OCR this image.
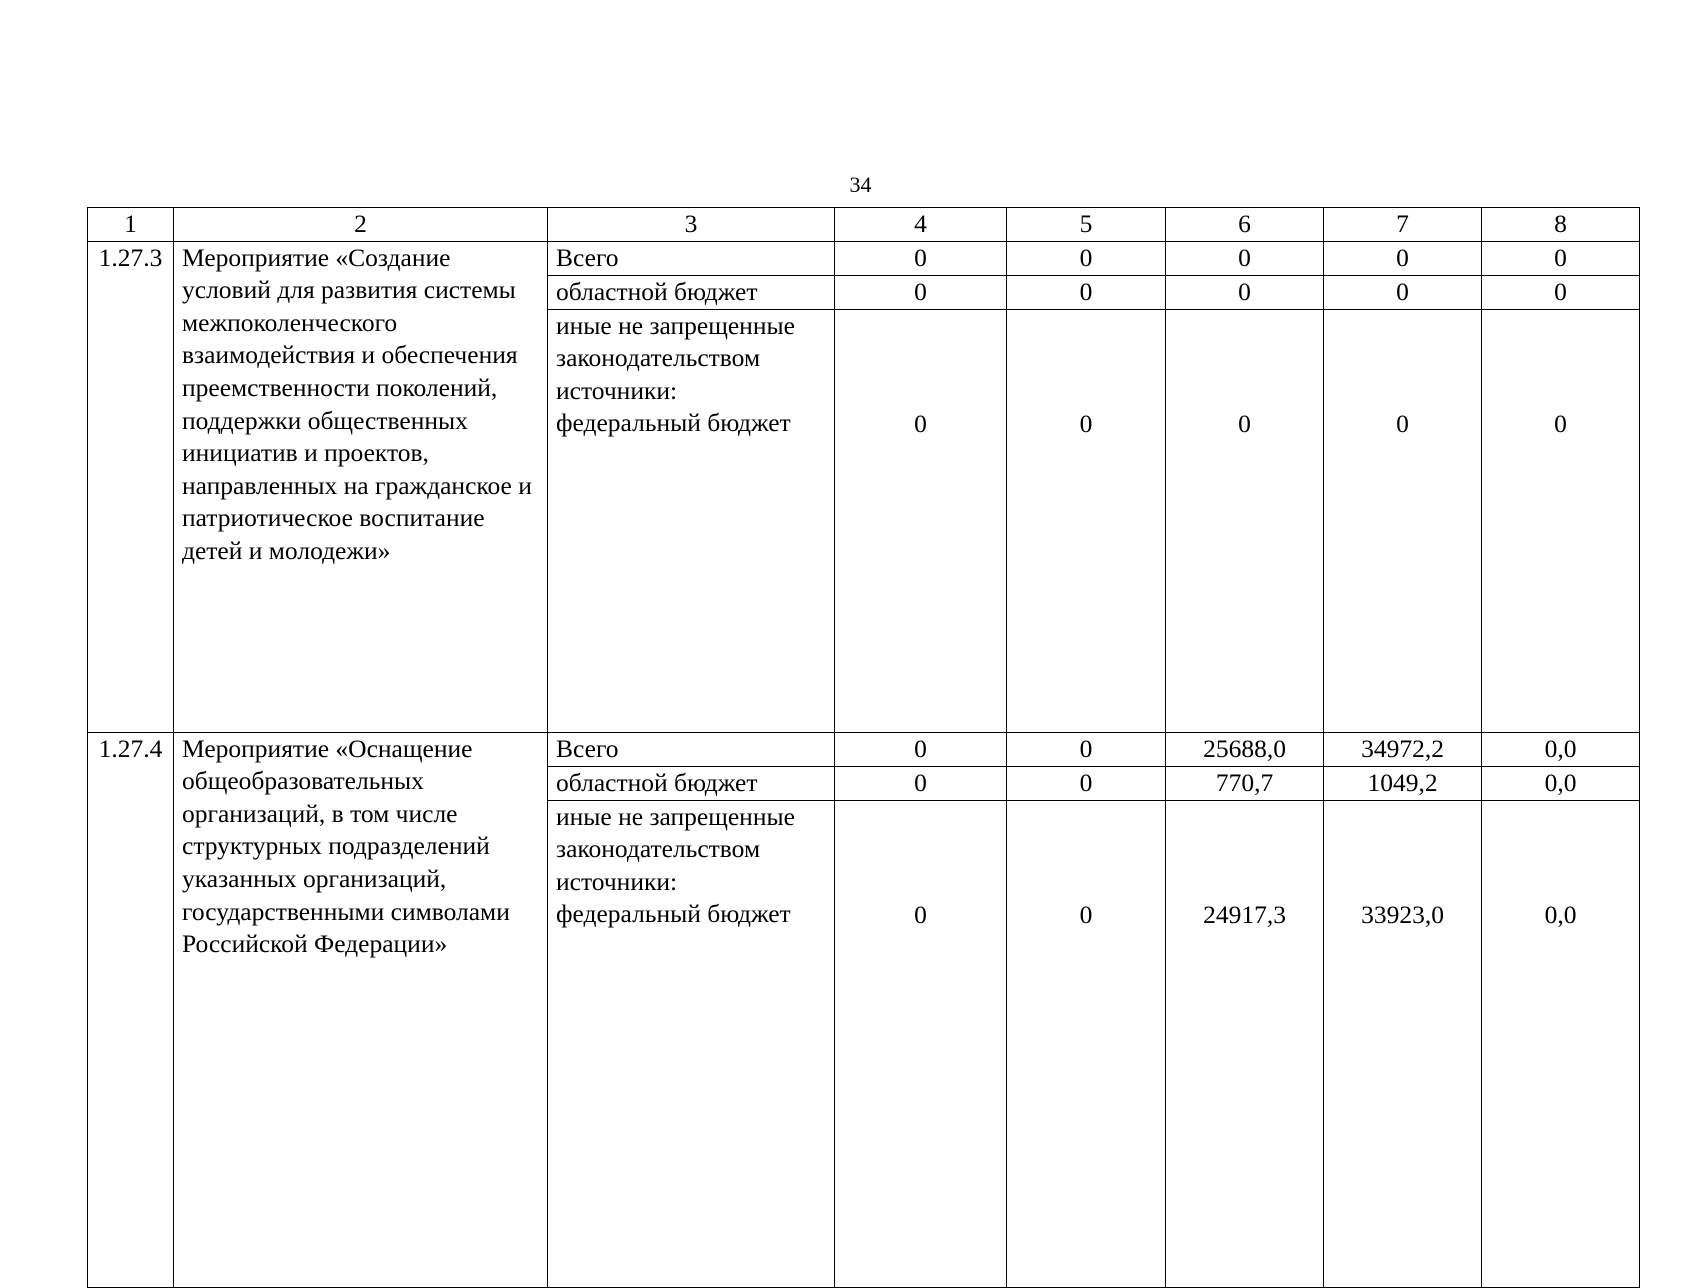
34
1	2	3	4	5	6	7	8
1.27.3	Мероприятие «Создание условий для развития системы межпоколенческого взаимодействия и обеспечения преемственности поколений, поддержки общественных инициатив и проектов, направленных на гражданское и патриотическое воспитание детей и молодежи»	Всего	0	0	0	0	0
		областной бюджет	0	0	0	0	0
		иные не запрещенные законодательством источники: федеральный бюджет	0	0	0	0	0
1.27.4	Мероприятие «Оснащение общеобразовательных организаций, в том числе структурных подразделений указанных организаций, государственными символами Российской Федерации»	Всего	0	0	25688,0	34972,2	0,0
		областной бюджет	0	0	770,7	1049,2	0,0
		иные не запрещенные законодательством источники: федеральный бюджет	0	0	24917,3	33923,0	0,0
